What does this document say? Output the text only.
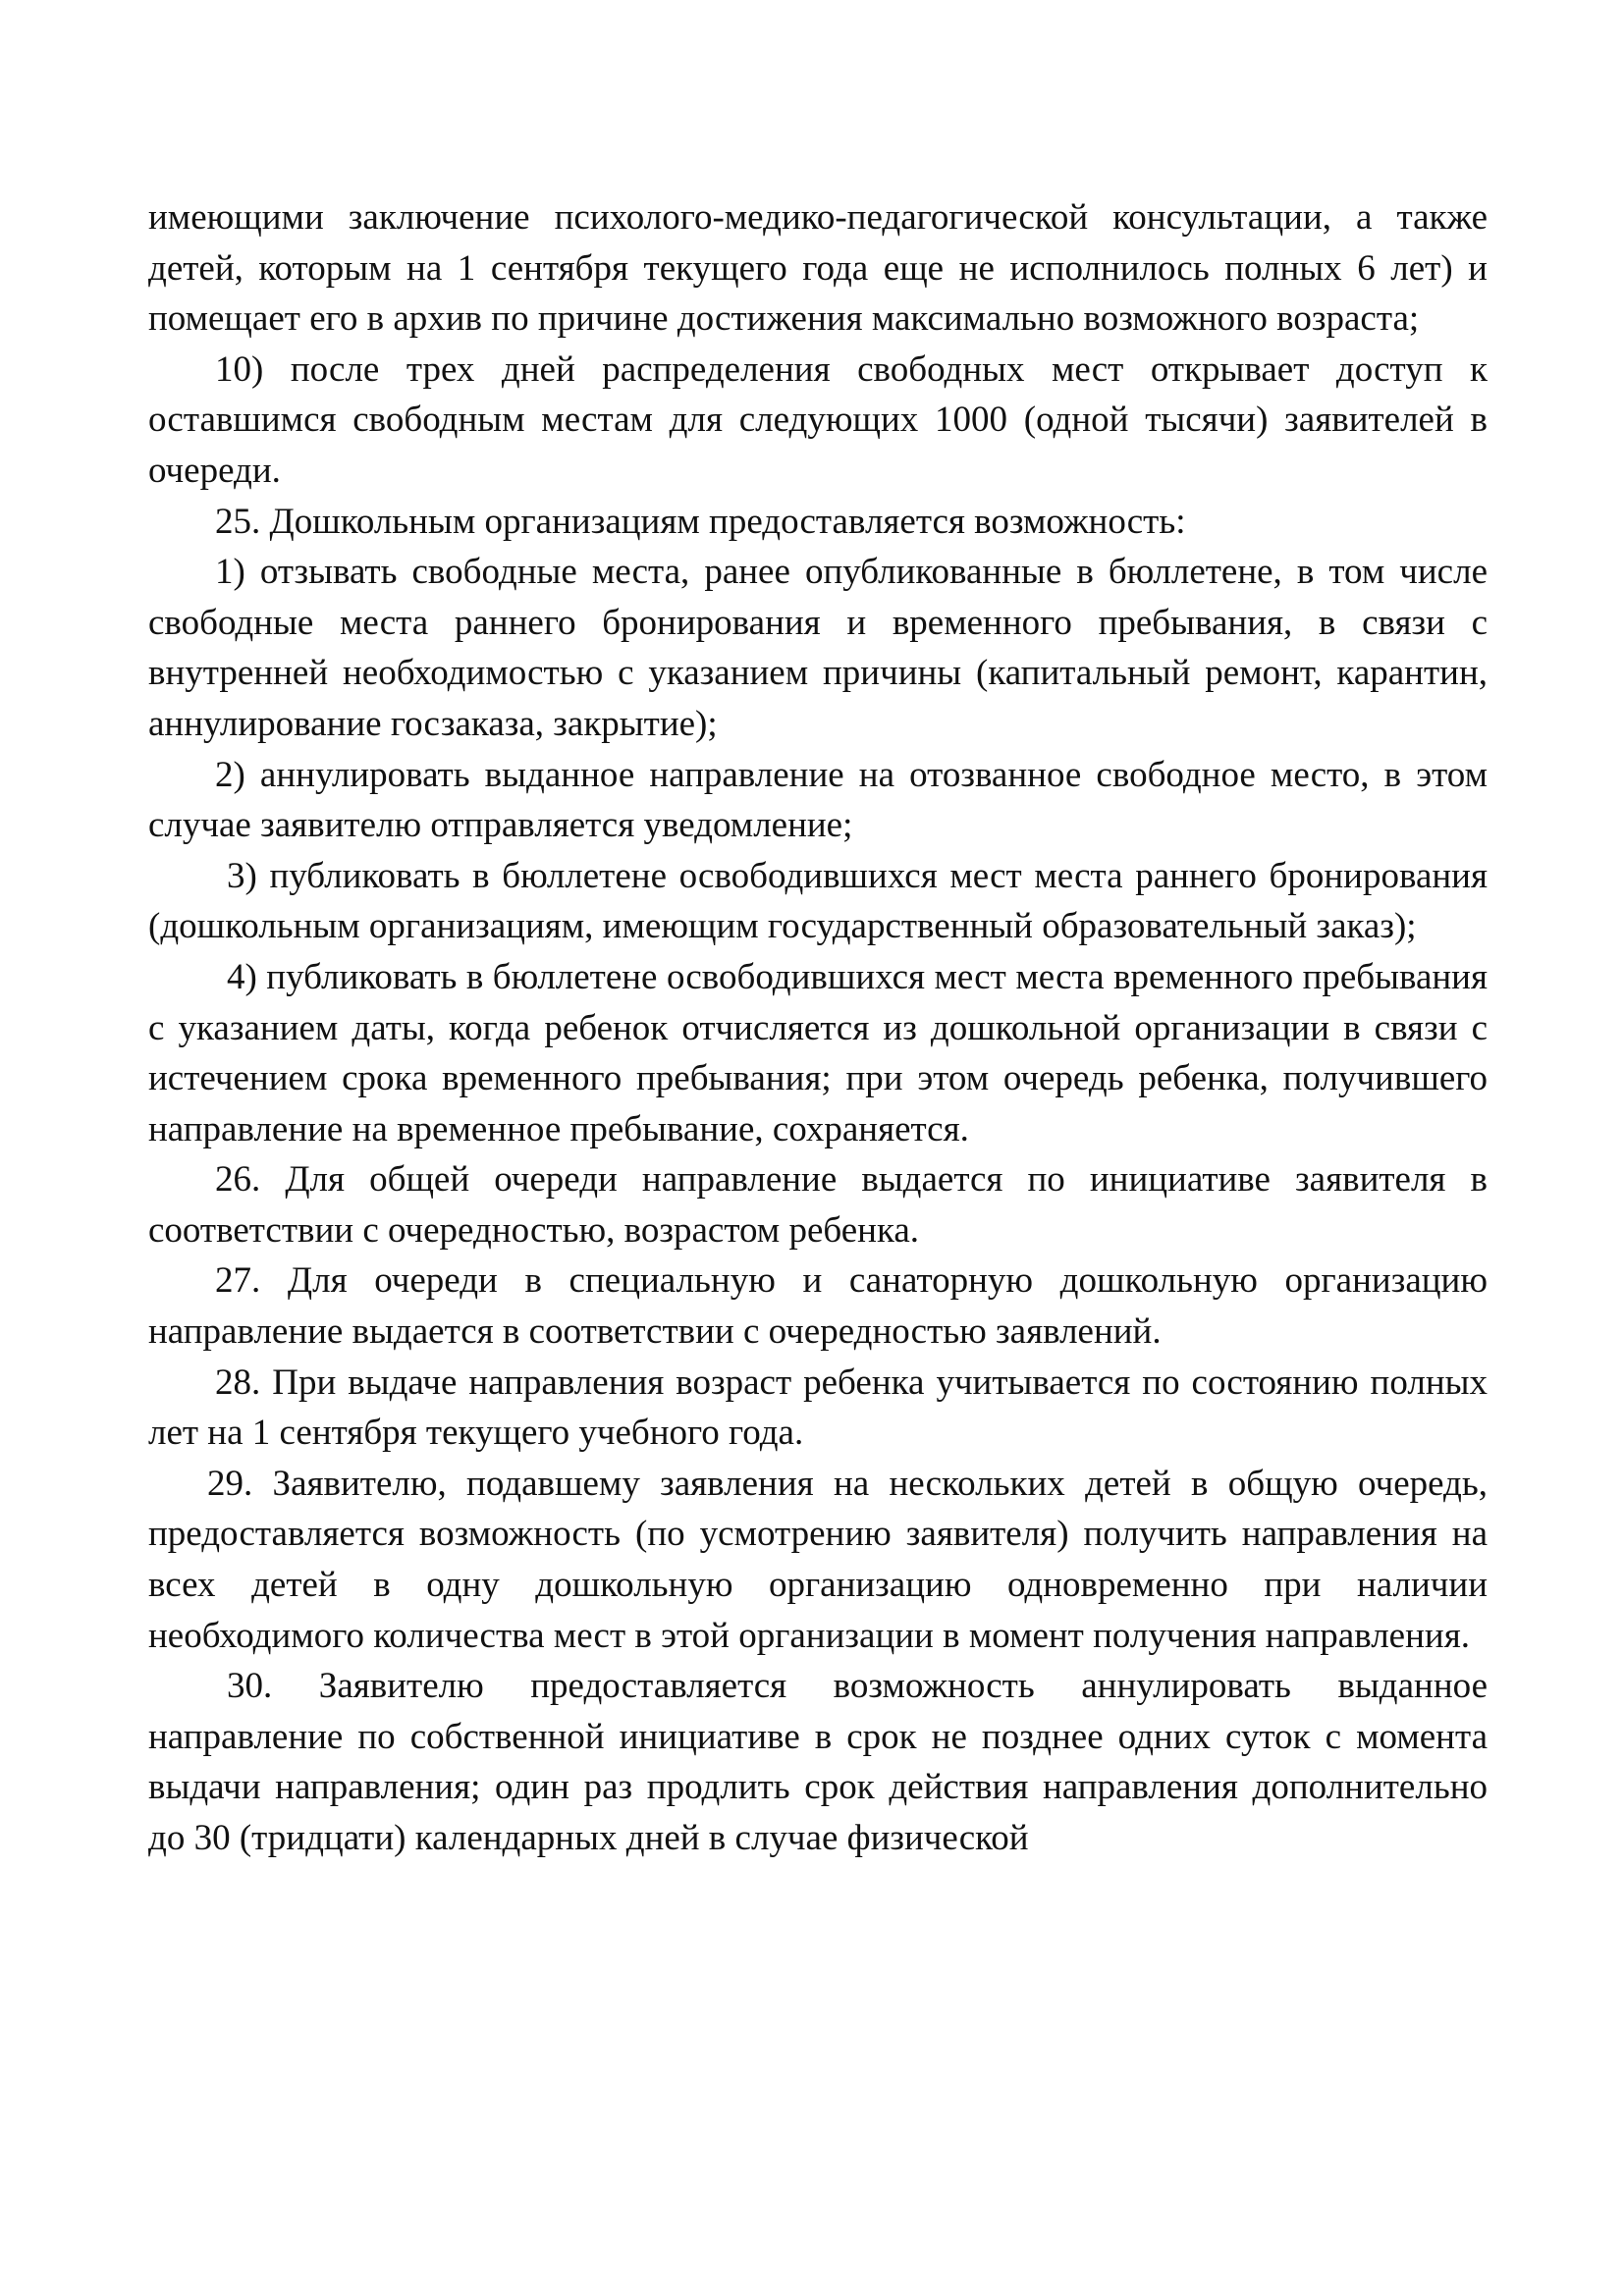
имеющими заключение психолого-медико-педагогической консультации, а также детей, которым на 1 сентября текущего года еще не исполнилось полных 6 лет) и помещает его в архив по причине достижения максимально возможного возраста;

10) после трех дней распределения свободных мест открывает доступ к оставшимся свободным местам для следующих 1000 (одной тысячи) заявителей в очереди.

25. Дошкольным организациям предоставляется возможность:

1) отзывать свободные места, ранее опубликованные в бюллетене, в том числе свободные места раннего бронирования и временного пребывания, в связи с внутренней необходимостью с указанием причины (капитальный ремонт, карантин, аннулирование госзаказа, закрытие);

2) аннулировать выданное направление на отозванное свободное место, в этом случае заявителю отправляется уведомление;

3) публиковать в бюллетене освободившихся мест места раннего бронирования (дошкольным организациям, имеющим государственный образовательный заказ);

4) публиковать в бюллетене освободившихся мест места временного пребывания с указанием даты, когда ребенок отчисляется из дошкольной организации в связи с истечением срока временного пребывания; при этом очередь ребенка, получившего направление на временное пребывание, сохраняется.

26. Для общей очереди направление выдается по инициативе заявителя в соответствии с очередностью, возрастом ребенка.

27. Для очереди в специальную и санаторную дошкольную организацию направление выдается в соответствии с очередностью заявлений.

28. При выдаче направления возраст ребенка учитывается по состоянию полных лет на 1 сентября текущего учебного года.

29. Заявителю, подавшему заявления на нескольких детей в общую очередь, предоставляется возможность (по усмотрению заявителя) получить направления на всех детей в одну дошкольную организацию одновременно при наличии необходимого количества мест в этой организации в момент получения направления.

30. Заявителю предоставляется возможность аннулировать выданное направление по собственной инициативе в срок не позднее одних суток с момента выдачи направления; один раз продлить срок действия направления дополнительно до 30 (тридцати) календарных дней в случае физической
